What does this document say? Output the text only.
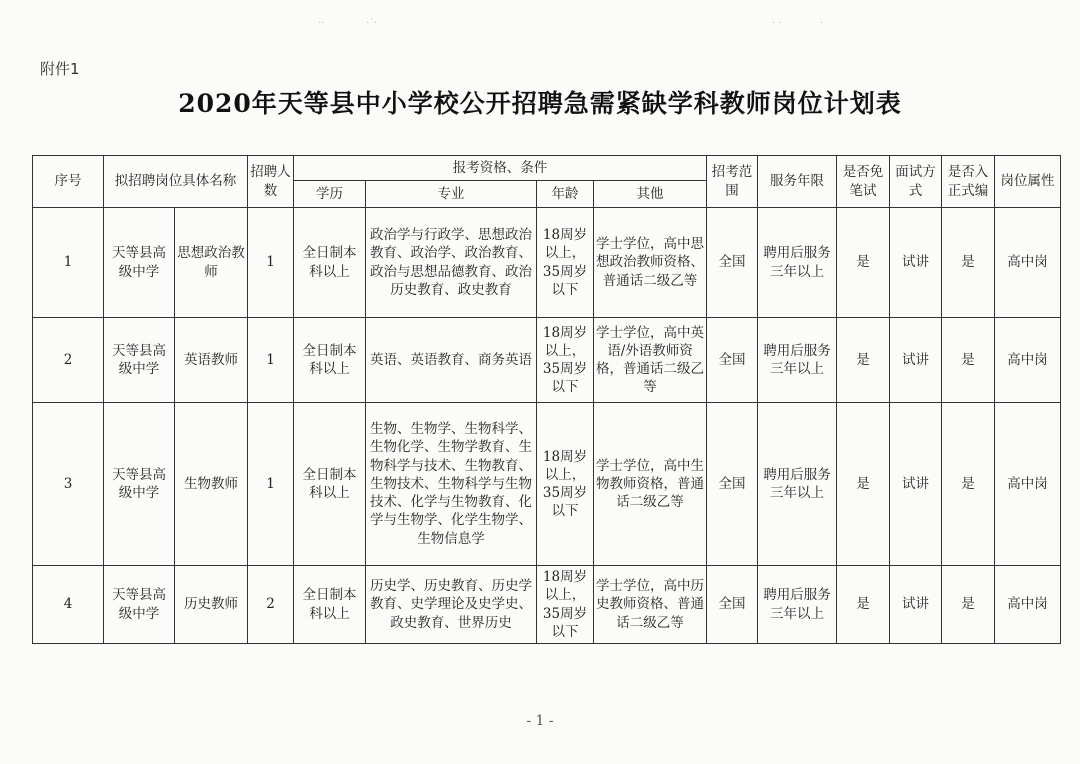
··	·˙·	· ·	·
附件1
2020年天等县中小学校公开招聘急需紧缺学科教师岗位计划表
序号	拟招聘岗位具体名称		招聘人数	报考资格、条件				招考范围	服务年限	是否免笔试	面试方式	是否入正式编	岗位属性
				学历	专业	年龄	其他						
1	天等县高级中学	思想政治教师	1	全日制本科以上	政治学与行政学、思想政治教育、政治学、政治教育、政治与思想品德教育、政治历史教育、政史教育	18周岁以上，35周岁以下	学士学位，高中思想政治教师资格、普通话二级乙等	全国	聘用后服务三年以上	是	试讲	是	高中岗
2	天等县高级中学	英语教师	1	全日制本科以上	英语、英语教育、商务英语	18周岁以上，35周岁以下	学士学位，高中英语/外语教师资格，普通话二级乙等	全国	聘用后服务三年以上	是	试讲	是	高中岗
3	天等县高级中学	生物教师	1	全日制本科以上	生物、生物学、生物科学、生物化学、生物学教育、生物科学与技术、生物教育、生物技术、生物科学与生物技术、化学与生物教育、化学与生物学、化学生物学、生物信息学	18周岁以上，35周岁以下	学士学位，高中生物教师资格，普通话二级乙等	全国	聘用后服务三年以上	是	试讲	是	高中岗
4	天等县高级中学	历史教师	2	全日制本科以上	历史学、历史教育、历史学教育、史学理论及史学史、政史教育、世界历史	18周岁以上，35周岁以下	学士学位，高中历史教师资格、普通话二级乙等	全国	聘用后服务三年以上	是	试讲	是	高中岗
- 1 -
